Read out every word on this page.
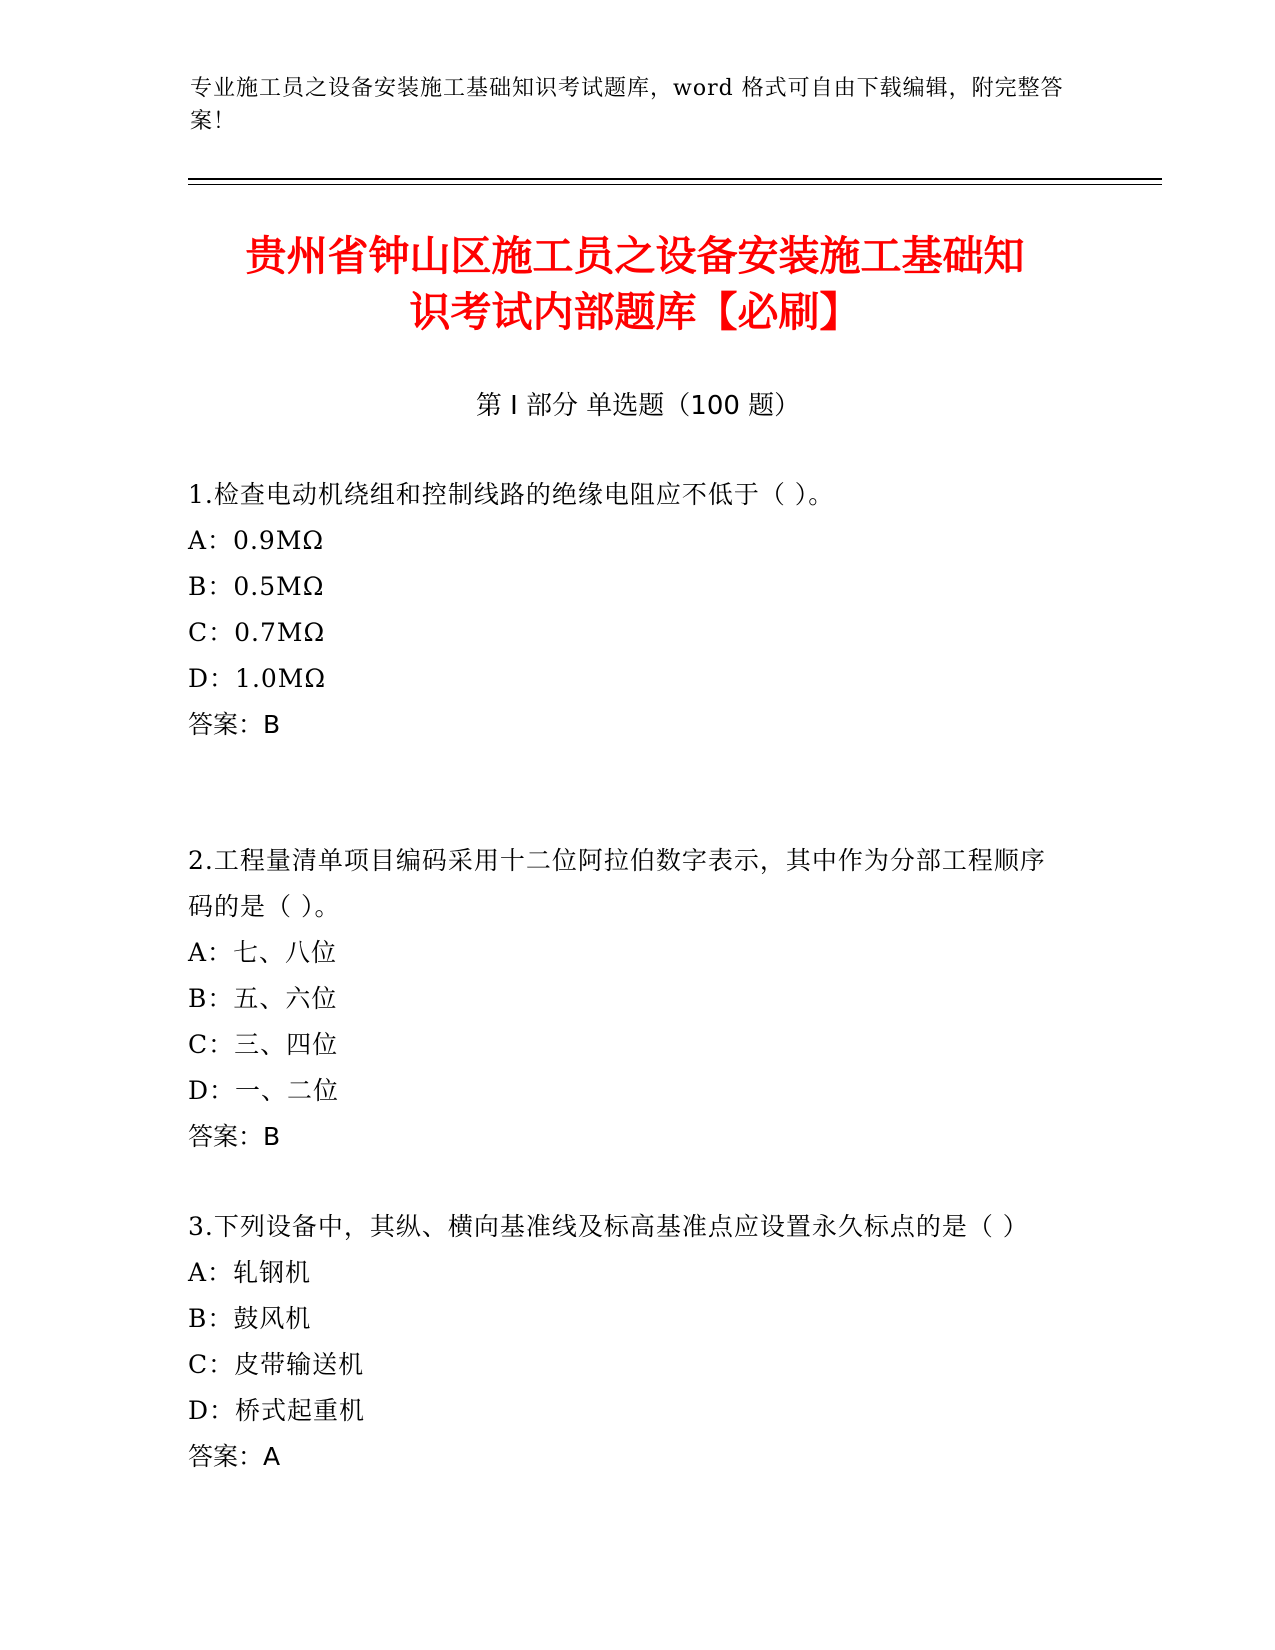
专业施工员之设备安装施工基础知识考试题库，word 格式可自由下载编辑，附完整答案！
贵州省钟山区施工员之设备安装施工基础知
识考试内部题库【必刷】
第 I 部分 单选题（100 题）
1.检查电动机绕组和控制线路的绝缘电阻应不低于（ ）。
A：0.9MΩ
B：0.5MΩ
C：0.7MΩ
D：1.0MΩ
答案：B
2.工程量清单项目编码采用十二位阿拉伯数字表示，其中作为分部工程顺序码的是（ ）。
A：七、八位
B：五、六位
C：三、四位
D：一、二位
答案：B
3.下列设备中，其纵、横向基准线及标高基准点应设置永久标点的是（ ）
A：轧钢机
B：鼓风机
C：皮带输送机
D：桥式起重机
答案：A
